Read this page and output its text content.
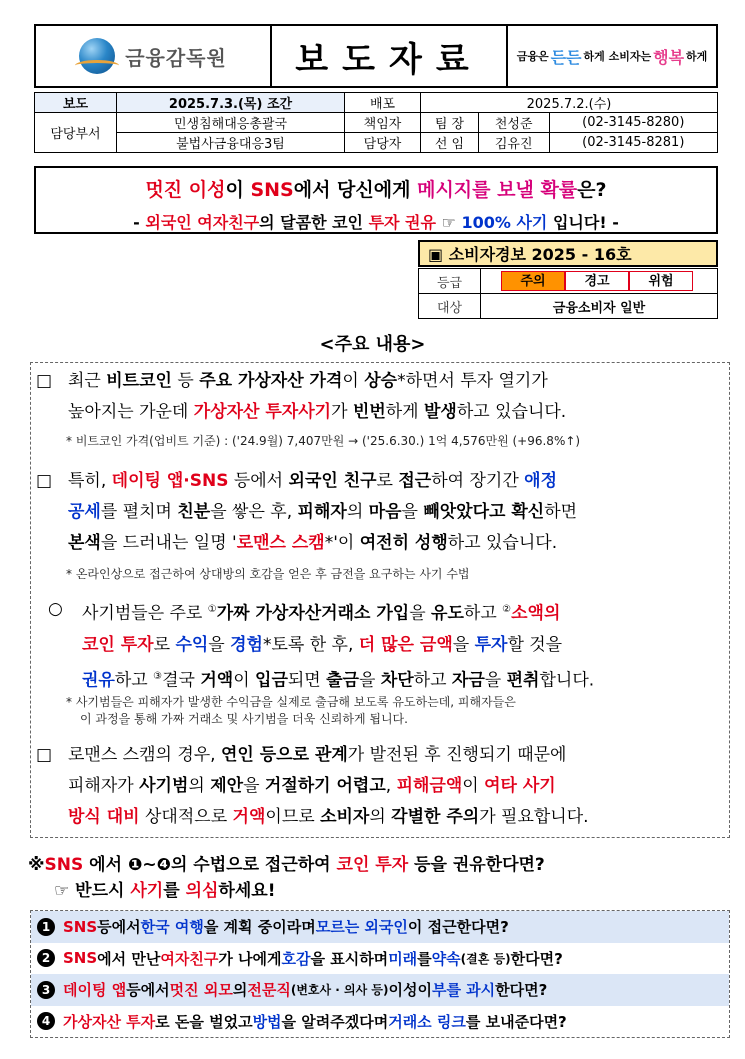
금융감독원	보도자료	금융은 든든 하게 소비자는 행복 하게
보도	2025.7.3.(목) 조간	배포	2025.7.2.(수)		
담당부서	민생침해대응총괄국	책임자	팀 장	천성준	(02-3145-8280)
	불법사금융대응3팀	담당자	선 임	김유진	(02-3145-8281)
멋진 이성이 SNS에서 당신에게 메시지를 보낼 확률은?
- 외국인 여자친구의 달콤한 코인 투자 권유 ☞ 100% 사기 입니다! -
▣ 소비자경보 2025 - 16호
등급	주의 경고 위험

대상	금융소비자 일반
<주요 내용>
□ 최근 비트코인 등 주요 가상자산 가격이 상승*하면서 투자 열기가
높아지는 가운데 가상자산 투자사기가 빈번하게 발생하고 있습니다.
* 비트코인 가격(업비트 기준) : ('24.9월) 7,407만원 → ('25.6.30.) 1억 4,576만원 (+96.8%↑)
□ 특히, 데이팅 앱·SNS 등에서 외국인 친구로 접근하여 장기간 애정
공세를 펼치며 친분을 쌓은 후, 피해자의 마음을 빼앗았다고 확신하면
본색을 드러내는 일명 '로맨스 스캠*'이 여전히 성행하고 있습니다.
* 온라인상으로 접근하여 상대방의 호감을 얻은 후 금전을 요구하는 사기 수법
○ 사기범들은 주로 ①가짜 가상자산거래소 가입을 유도하고 ②소액의
코인 투자로 수익을 경험*토록 한 후, 더 많은 금액을 투자할 것을
권유하고 ③결국 거액이 입금되면 출금을 차단하고 자금을 편취합니다.
* 사기범들은 피해자가 발생한 수익금을 실제로 출금해 보도록 유도하는데, 피해자들은
이 과정을 통해 가짜 거래소 및 사기범을 더욱 신뢰하게 됩니다.
□ 로맨스 스캠의 경우, 연인 등으로 관계가 발전된 후 진행되기 때문에
피해자가 사기범의 제안을 거절하기 어렵고, 피해금액이 여타 사기
방식 대비 상대적으로 거액이므로 소비자의 각별한 주의가 필요합니다.
※SNS 에서 ❶~❹의 수법으로 접근하여 코인 투자 등을 권유한다면?
☞ 반드시 사기를 의심하세요!
1 SNS 등에서 한국 여행 을 계획 중이라며 모르는 외국인 이 접근한다면?
2 SNS 에서 만난 여자친구 가 나에게 호감 을 표시하며 미래 를 약속 (결혼 등) 한다면?
3 데이팅 앱 등에서 멋진 외모 의 전문직 (변호사 · 의사 등) 이성이 부를 과시 한다면?
4 가상자산 투자 로 돈을 벌었고 방법 을 알려주겠다며 거래소 링크 를 보내준다면?
